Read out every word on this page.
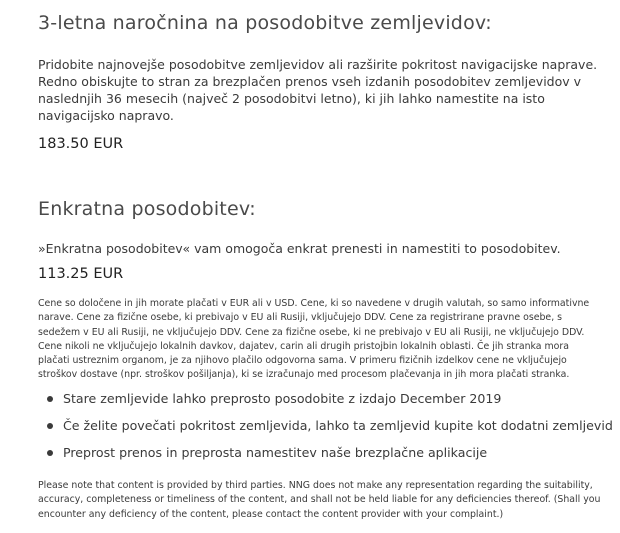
3-letna naročnina na posodobitve zemljevidov:

Pridobite najnovejše posodobitve zemljevidov ali razširite pokritost navigacijske naprave. Redno obiskujte to stran za brezplačen prenos vseh izdanih posodobitev zemljevidov v naslednjih 36 mesecih (največ 2 posodobitvi letno), ki jih lahko namestite na isto navigacijsko napravo.

183.50 EUR
Enkratna posodobitev:

»Enkratna posodobitev« vam omogoča enkrat prenesti in namestiti to posodobitev.

113.25 EUR

Cene so določene in jih morate plačati v EUR ali v USD. Cene, ki so navedene v drugih valutah, so samo informativne narave. Cene za fizične osebe, ki prebivajo v EU ali Rusiji, vključujejo DDV. Cene za registrirane pravne osebe, s sedežem v EU ali Rusiji, ne vključujejo DDV. Cene za fizične osebe, ki ne prebivajo v EU ali Rusiji, ne vključujejo DDV. Cene nikoli ne vključujejo lokalnih davkov, dajatev, carin ali drugih pristojbin lokalnih oblasti. Če jih stranka mora plačati ustreznim organom, je za njihovo plačilo odgovorna sama. V primeru fizičnih izdelkov cene ne vključujejo stroškov dostave (npr. stroškov pošiljanja), ki se izračunajo med procesom plačevanja in jih mora plačati stranka.

Stare zemljevide lahko preprosto posodobite z izdajo December 2019
Če želite povečati pokritost zemljevida, lahko ta zemljevid kupite kot dodatni zemljevid
Preprost prenos in preprosta namestitev naše brezplačne aplikacije

Please note that content is provided by third parties. NNG does not make any representation regarding the suitability, accuracy, completeness or timeliness of the content, and shall not be held liable for any deficiencies thereof. (Shall you encounter any deficiency of the content, please contact the content provider with your complaint.)
